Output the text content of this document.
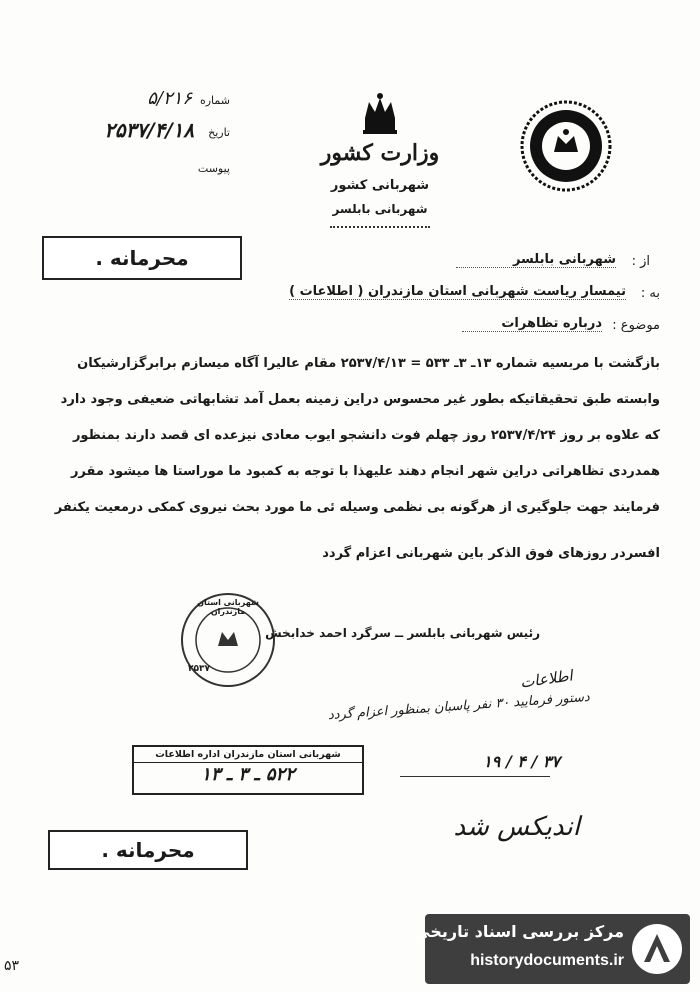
شماره
۵/۲۱۶
تاریخ
۲۵۳۷/۴/۱۸
پیوست
وزارت کشور
شهربانی کشور
شهربانی بابلسر
محرمانه .	از :
شهربانی بابلسر
به :
تیمسار ریاست شهربانی استان مازندران ( اطلاعات )
موضوع :
درباره تظاهرات
بازگشت با مربسیه شماره ۱۳ـ ۳ـ ۵۳۳ = ۲۵۳۷/۴/۱۳ مقام عالیرا آگاه میسازم برابرگزارشیکان
وابسته طبق تحقیقاتیکه بطور غیر محسوس دراین زمینه بعمل آمد تشابهاتی ضعیفی وجود دارد
که علاوه بر روز ۲۵۳۷/۴/۲۴ روز چهلم فوت دانشجو ایوب معادی نیزعده ای قصد دارند بمنظور
همدردی تظاهراتی دراین شهر انجام دهند علیهذا با توجه به کمبود ما موراستا ها میشود مقرر
فرمایند جهت جلوگیری از هرگونه بی نظمی وسیله ئی ما مورد بحث نیروی کمکی درمعیت یکنفر
افسردر روزهای فوق الذکر باین شهربانی اعزام گردد
شهربانی استان مازندران
۲۵۳۷
رئیس شهربانی بابلسر ــ سرگرد احمد خدابخش
اطلاعات
دستور فرمایید ۳۰ نفر پاسبان بمنظور اعزام گردد
۱۹ / ۴ / ۳۷
شهربانی استان مازندران اداره اطلاعات
۵۲۲ ـ ۳ ـ ۱۳
اندیکس شد
محرمانه .
۵۳
مرکز بررسی اسناد تاریخی
historydocuments.ir
